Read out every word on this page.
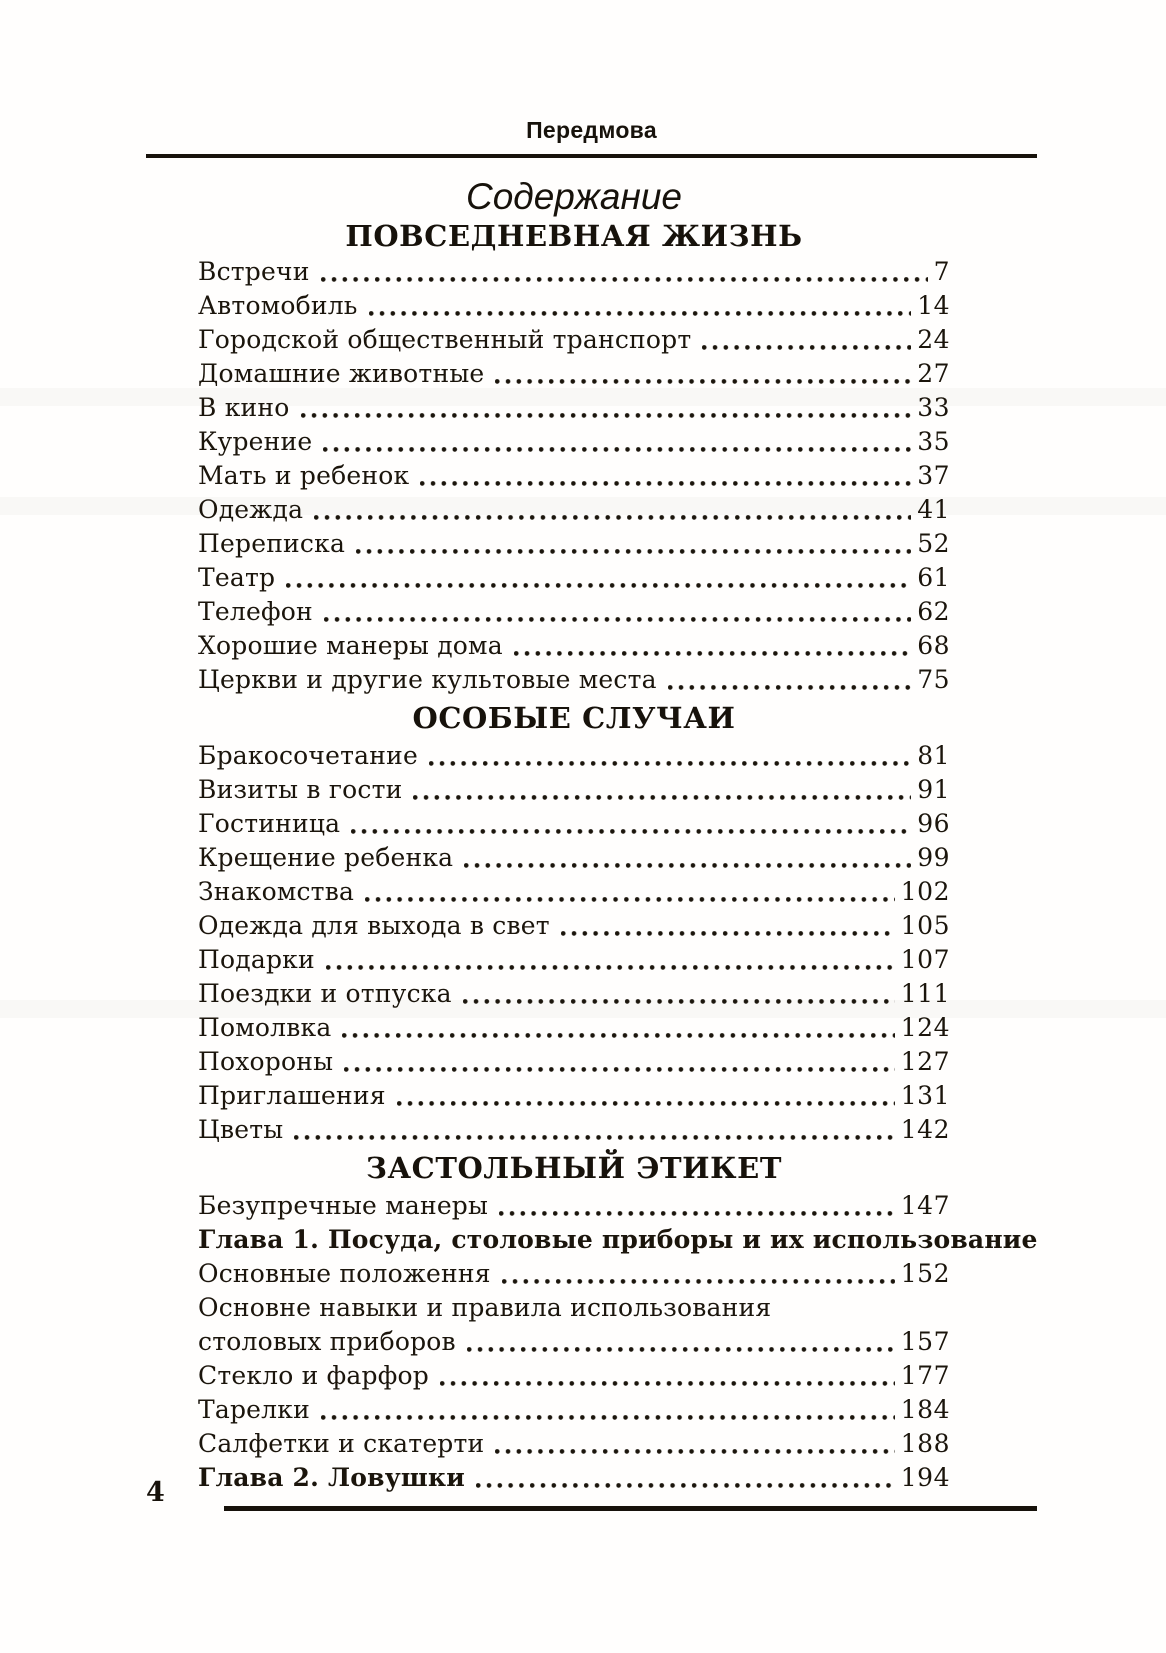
Передмова
Содержание
ПОВСЕДНЕВНАЯ ЖИЗНЬ
Встречи	7
Автомобиль	14
Городской общественный транспорт	24
Домашние животные	27
В кино	33
Курение	35
Мать и ребенок	37
Одежда	41
Переписка	52
Театр	61
Телефон	62
Хорошие манеры дома	68
Церкви и другие культовые места	75
ОСОБЫЕ СЛУЧАИ
Бракосочетание	81
Визиты в гости	91
Гостиница	96
Крещение ребенка	99
Знакомства	102
Одежда для выхода в свет	105
Подарки	107
Поездки и отпуска	111
Помолвка	124
Похороны	127
Приглашения	131
Цветы	142
ЗАСТОЛЬНЫЙ ЭТИКЕТ
Безупречные манеры	147
Глава 1. Посуда, столовые приборы и их использование
Основные положення	152
Основне навыки и правила использования
столовых приборов	157
Стекло и фарфор	177
Тарелки	184
Салфетки и скатерти	188
Глава 2. Ловушки	194
4
